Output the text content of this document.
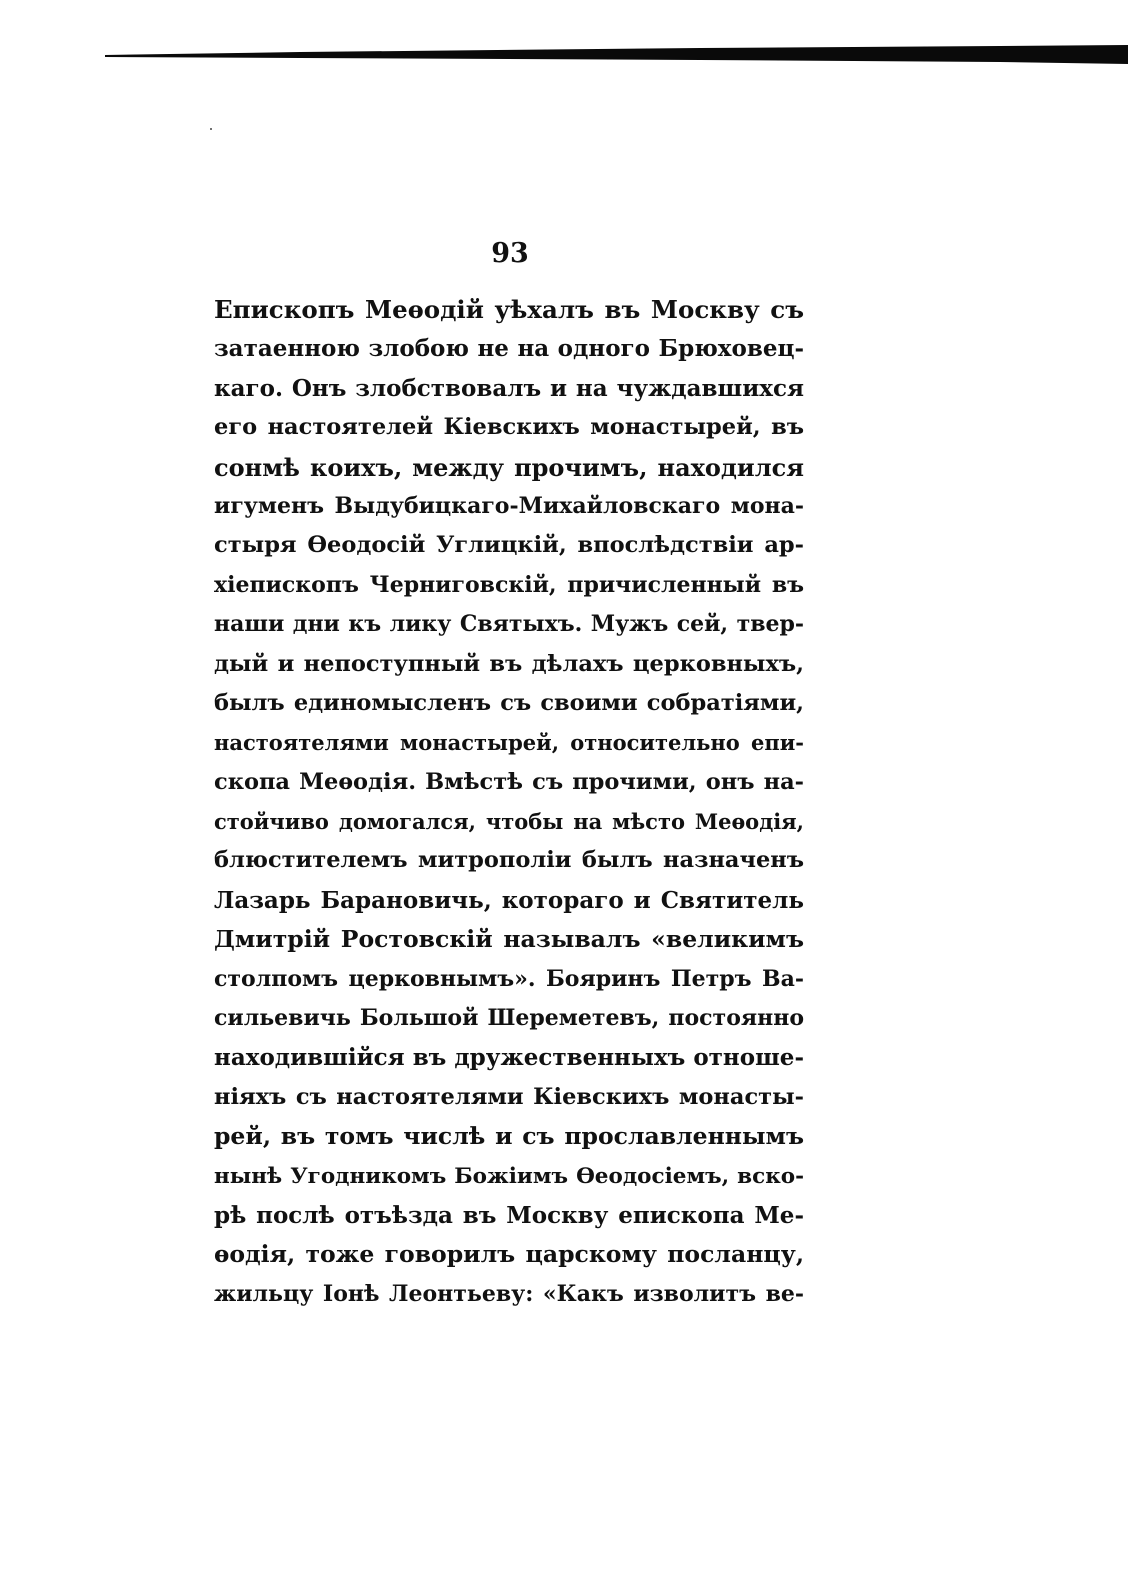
93
Епископъ Меѳодій уѣхалъ въ Москву съ
затаенною злобою не на одного Брюховец-
каго. Онъ злобствовалъ и на чуждавшихся
его настоятелей Кіевскихъ монастырей, въ
сонмѣ коихъ, между прочимъ, находился
игуменъ Выдубицкаго-Михайловскаго мона-
стыря Ѳеодосій Углицкій, впослѣдствіи ар-
хіепископъ Черниговскій, причисленный въ
наши дни къ лику Святыхъ. Мужъ сей, твер-
дый и непоступный въ дѣлахъ церковныхъ,
былъ единомысленъ съ своими собратіями,
настоятелями монастырей, относительно епи-
скопа Меѳодія. Вмѣстѣ съ прочими, онъ на-
стойчиво домогался, чтобы на мѣсто Меѳодія,
блюстителемъ митрополіи былъ назначенъ
Лазарь Барановичь, котораго и Святитель
Дмитрій Ростовскій называлъ «великимъ
столпомъ церковнымъ». Бояринъ Петръ Ва-
сильевичь Большой Шереметевъ, постоянно
находившійся въ дружественныхъ отноше-
ніяхъ съ настоятелями Кіевскихъ монасты-
рей, въ томъ числѣ и съ прославленнымъ
нынѣ Угодникомъ Божіимъ Ѳеодосіемъ, вско-
рѣ послѣ отъѣзда въ Москву епископа Ме-
ѳодія, тоже говорилъ царскому посланцу,
жильцу Іонѣ Леонтьеву: «Какъ изволитъ ве-
